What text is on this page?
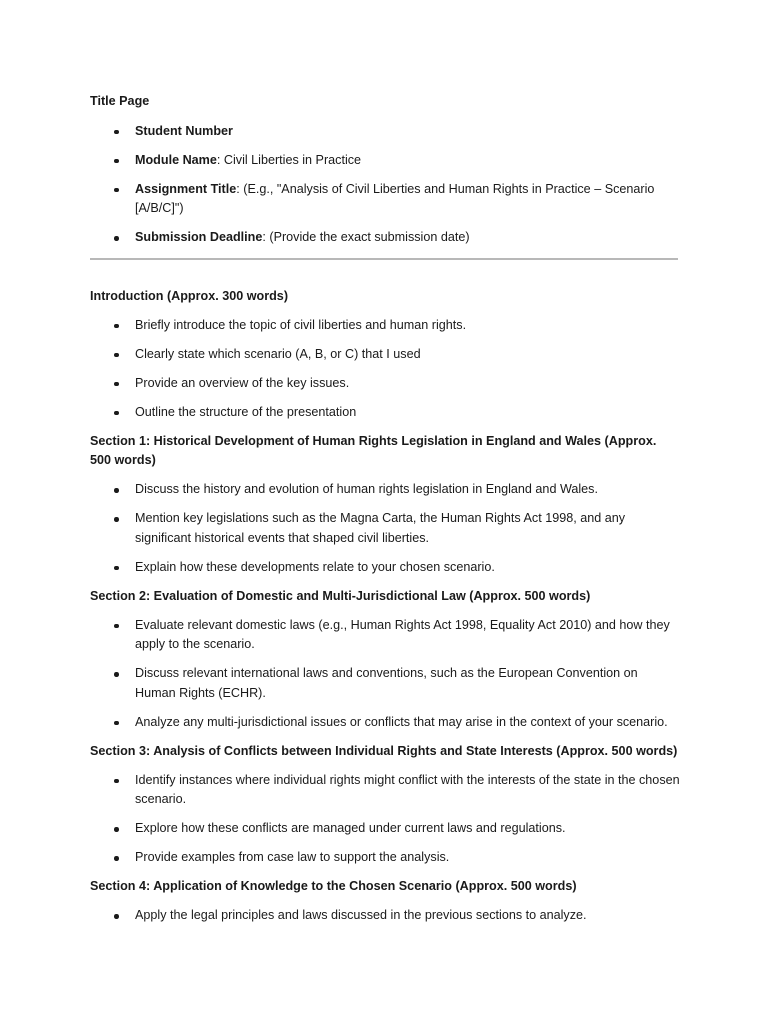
Title Page
Student Number
Module Name: Civil Liberties in Practice
Assignment Title: (E.g., "Analysis of Civil Liberties and Human Rights in Practice – Scenario [A/B/C]")
Submission Deadline: (Provide the exact submission date)
Introduction (Approx. 300 words)
Briefly introduce the topic of civil liberties and human rights.
Clearly state which scenario (A, B, or C) that I used
Provide an overview of the key issues.
Outline the structure of the presentation
Section 1: Historical Development of Human Rights Legislation in England and Wales (Approx. 500 words)
Discuss the history and evolution of human rights legislation in England and Wales.
Mention key legislations such as the Magna Carta, the Human Rights Act 1998, and any significant historical events that shaped civil liberties.
Explain how these developments relate to your chosen scenario.
Section 2: Evaluation of Domestic and Multi-Jurisdictional Law (Approx. 500 words)
Evaluate relevant domestic laws (e.g., Human Rights Act 1998, Equality Act 2010) and how they apply to the scenario.
Discuss relevant international laws and conventions, such as the European Convention on Human Rights (ECHR).
Analyze any multi-jurisdictional issues or conflicts that may arise in the context of your scenario.
Section 3: Analysis of Conflicts between Individual Rights and State Interests (Approx. 500 words)
Identify instances where individual rights might conflict with the interests of the state in the chosen scenario.
Explore how these conflicts are managed under current laws and regulations.
Provide examples from case law to support the analysis.
Section 4: Application of Knowledge to the Chosen Scenario (Approx. 500 words)
Apply the legal principles and laws discussed in the previous sections to analyze.
